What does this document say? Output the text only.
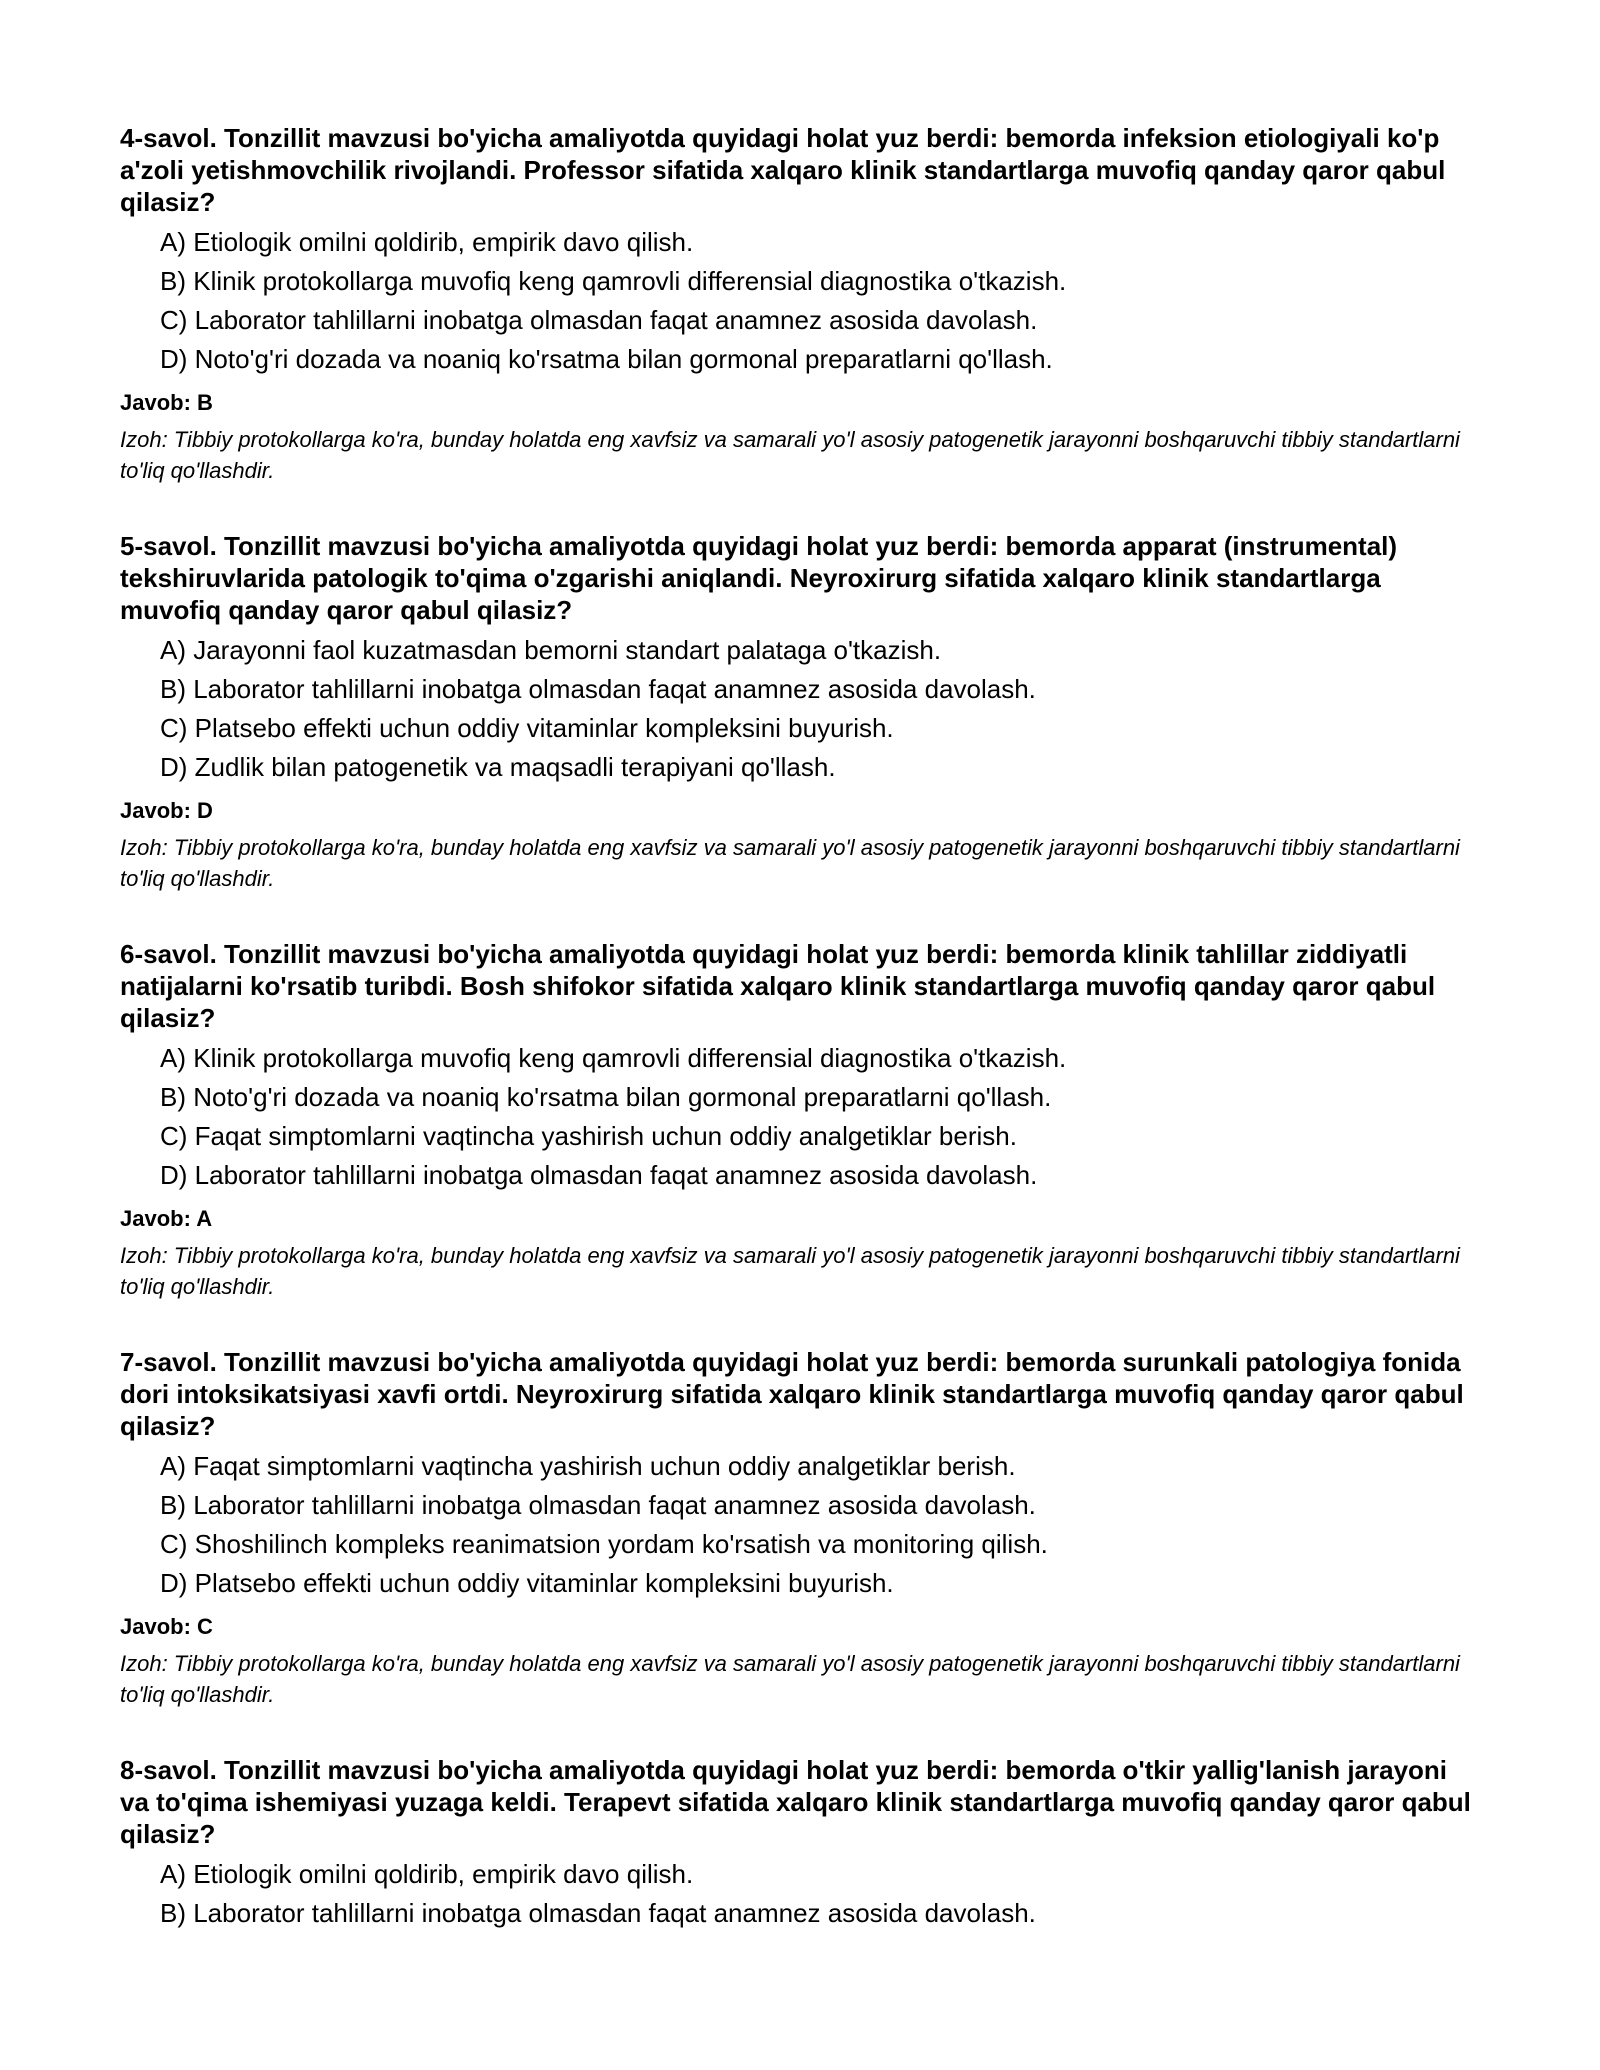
4-savol. Tonzillit mavzusi bo'yicha amaliyotda quyidagi holat yuz berdi: bemorda infeksion etiologiyali ko'p a'zoli yetishmovchilik rivojlandi. Professor sifatida xalqaro klinik standartlarga muvofiq qanday qaror qabul qilasiz?

A) Etiologik omilni qoldirib, empirik davo qilish.

B) Klinik protokollarga muvofiq keng qamrovli differensial diagnostika o'tkazish.

C) Laborator tahlillarni inobatga olmasdan faqat anamnez asosida davolash.

D) Noto'g'ri dozada va noaniq ko'rsatma bilan gormonal preparatlarni qo'llash.

Javob: B

Izoh: Tibbiy protokollarga ko'ra, bunday holatda eng xavfsiz va samarali yo'l asosiy patogenetik jarayonni boshqaruvchi tibbiy standartlarni to'liq qo'llashdir.

5-savol. Tonzillit mavzusi bo'yicha amaliyotda quyidagi holat yuz berdi: bemorda apparat (instrumental) tekshiruvlarida patologik to'qima o'zgarishi aniqlandi. Neyroxirurg sifatida xalqaro klinik standartlarga muvofiq qanday qaror qabul qilasiz?

A) Jarayonni faol kuzatmasdan bemorni standart palataga o'tkazish.

B) Laborator tahlillarni inobatga olmasdan faqat anamnez asosida davolash.

C) Platsebo effekti uchun oddiy vitaminlar kompleksini buyurish.

D) Zudlik bilan patogenetik va maqsadli terapiyani qo'llash.

Javob: D

Izoh: Tibbiy protokollarga ko'ra, bunday holatda eng xavfsiz va samarali yo'l asosiy patogenetik jarayonni boshqaruvchi tibbiy standartlarni to'liq qo'llashdir.

6-savol. Tonzillit mavzusi bo'yicha amaliyotda quyidagi holat yuz berdi: bemorda klinik tahlillar ziddiyatli natijalarni ko'rsatib turibdi. Bosh shifokor sifatida xalqaro klinik standartlarga muvofiq qanday qaror qabul qilasiz?

A) Klinik protokollarga muvofiq keng qamrovli differensial diagnostika o'tkazish.

B) Noto'g'ri dozada va noaniq ko'rsatma bilan gormonal preparatlarni qo'llash.

C) Faqat simptomlarni vaqtincha yashirish uchun oddiy analgetiklar berish.

D) Laborator tahlillarni inobatga olmasdan faqat anamnez asosida davolash.

Javob: A

Izoh: Tibbiy protokollarga ko'ra, bunday holatda eng xavfsiz va samarali yo'l asosiy patogenetik jarayonni boshqaruvchi tibbiy standartlarni to'liq qo'llashdir.

7-savol. Tonzillit mavzusi bo'yicha amaliyotda quyidagi holat yuz berdi: bemorda surunkali patologiya fonida dori intoksikatsiyasi xavfi ortdi. Neyroxirurg sifatida xalqaro klinik standartlarga muvofiq qanday qaror qabul qilasiz?

A) Faqat simptomlarni vaqtincha yashirish uchun oddiy analgetiklar berish.

B) Laborator tahlillarni inobatga olmasdan faqat anamnez asosida davolash.

C) Shoshilinch kompleks reanimatsion yordam ko'rsatish va monitoring qilish.

D) Platsebo effekti uchun oddiy vitaminlar kompleksini buyurish.

Javob: C

Izoh: Tibbiy protokollarga ko'ra, bunday holatda eng xavfsiz va samarali yo'l asosiy patogenetik jarayonni boshqaruvchi tibbiy standartlarni to'liq qo'llashdir.

8-savol. Tonzillit mavzusi bo'yicha amaliyotda quyidagi holat yuz berdi: bemorda o'tkir yallig'lanish jarayoni va to'qima ishemiyasi yuzaga keldi. Terapevt sifatida xalqaro klinik standartlarga muvofiq qanday qaror qabul qilasiz?

A) Etiologik omilni qoldirib, empirik davo qilish.

B) Laborator tahlillarni inobatga olmasdan faqat anamnez asosida davolash.
